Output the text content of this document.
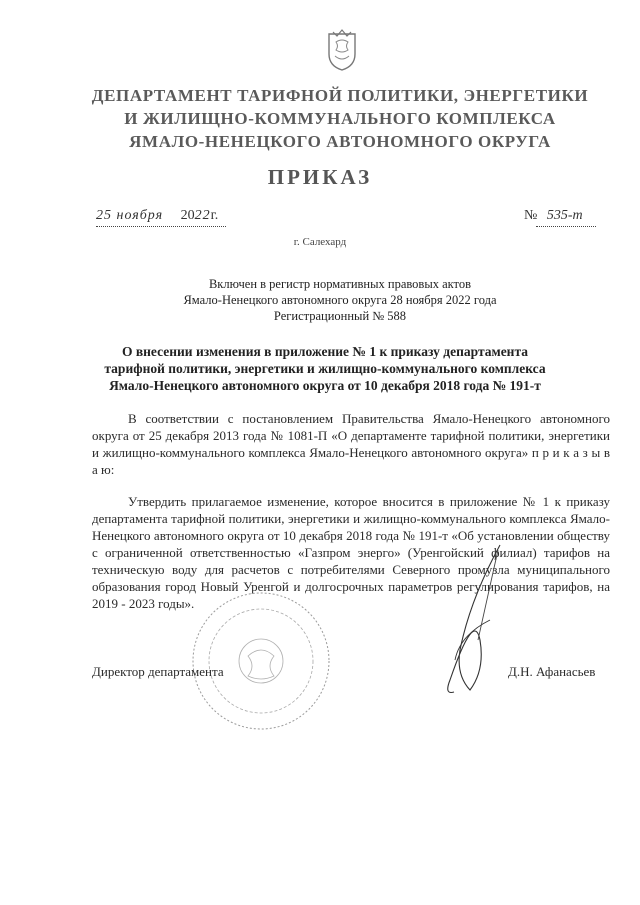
ДЕПАРТАМЕНТ ТАРИФНОЙ ПОЛИТИКИ, ЭНЕРГЕТИКИ
И ЖИЛИЩНО-КОММУНАЛЬНОГО КОМПЛЕКСА
ЯМАЛО-НЕНЕЦКОГО АВТОНОМНОГО ОКРУГА
ПРИКАЗ
25 ноября 2022г.	№ 535-т
г. Салехард
Включен в регистр нормативных правовых актов
Ямало-Ненецкого автономного округа 28 ноября 2022 года
Регистрационный № 588
О внесении изменения в приложение № 1 к приказу департамента
тарифной политики, энергетики и жилищно-коммунального комплекса
Ямало-Ненецкого автономного округа от 10 декабря 2018 года № 191-т
В соответствии с постановлением Правительства Ямало-Ненецкого автономного округа от 25 декабря 2013 года № 1081-П «О департаменте тарифной политики, энергетики и жилищно-коммунального комплекса Ямало-Ненецкого автономного округа» п р и к а з ы в а ю:
Утвердить прилагаемое изменение, которое вносится в приложение № 1 к приказу департамента тарифной политики, энергетики и жилищно-коммунального комплекса Ямало-Ненецкого автономного округа от 10 декабря 2018 года № 191-т «Об установлении обществу с ограниченной ответственностью «Газпром энерго» (Уренгойский филиал) тарифов на техническую воду для расчетов с потребителями Северного промузла муниципального образования город Новый Уренгой и долгосрочных параметров регулирования тарифов, на 2019 - 2023 годы».
Директор департамента	Д.Н. Афанасьев
